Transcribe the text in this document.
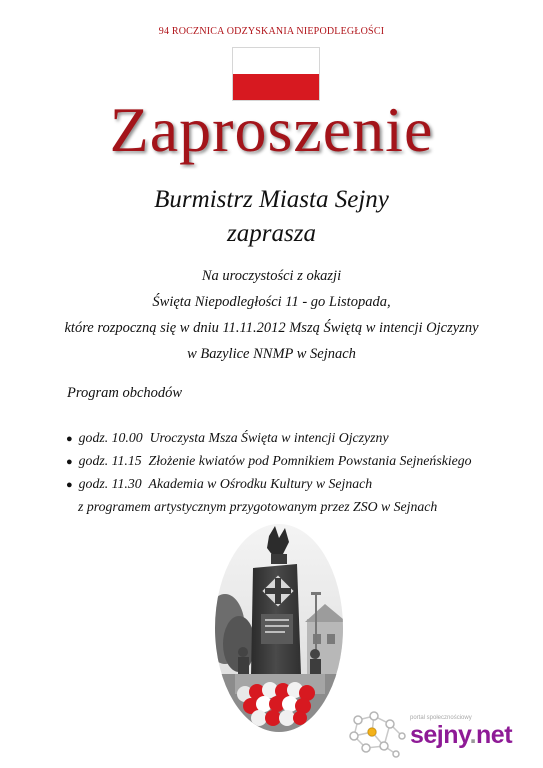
94 ROCZNICA ODZYSKANIA NIEPODLEGŁOŚCI
Zaproszenie
Burmistrz Miasta Sejny
zaprasza
Na uroczystości z okazji
Święta Niepodległości 11 - go Listopada,
które rozpoczną się w dniu 11.11.2012 Mszą Świętą w intencji Ojczyzny
w Bazylice NNMP w Sejnach
Program obchodów
● godz. 10.00 Uroczysta Msza Święta w intencji Ojczyzny
● godz. 11.15 Złożenie kwiatów pod Pomnikiem Powstania Sejneńskiego
● godz. 11.30 Akademia w Ośrodku Kultury w Sejnach
z programem artystycznym przygotowanym przez ZSO w Sejnach
portal społecznościowy
sejny.net
